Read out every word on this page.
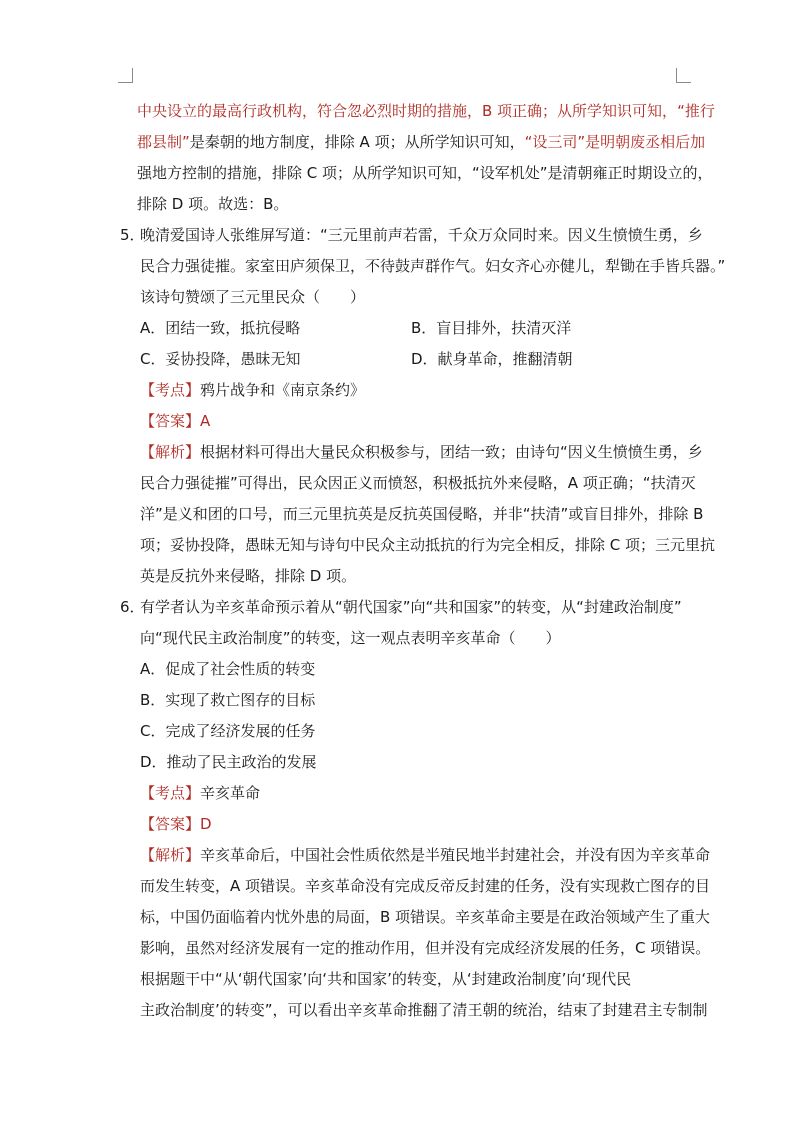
中央设立的最高行政机构，符合忽必烈时期的措施，B 项正确；从所学知识可知，“推行
郡县制”是秦朝的地方制度，排除 A 项；从所学知识可知，“设三司”是明朝废丞相后加
强地方控制的措施，排除 C 项；从所学知识可知，“设军机处”是清朝雍正时期设立的，
排除 D 项。故选：B。
5．晚清爱国诗人张维屏写道：“三元里前声若雷，千众万众同时来。因义生愤愤生勇，乡
民合力强徒摧。家室田庐须保卫，不待鼓声群作气。妇女齐心亦健儿，犁锄在手皆兵器。”
该诗句赞颂了三元里民众（　　）
A．团结一致，抵抗侵略	B．盲目排外，扶清灭洋
C．妥协投降，愚昧无知	D．献身革命，推翻清朝
【考点】鸦片战争和《南京条约》
【答案】A
【解析】根据材料可得出大量民众积极参与，团结一致；由诗句“因义生愤愤生勇，乡
民合力强徒摧”可得出，民众因正义而愤怒，积极抵抗外来侵略，A 项正确；“扶清灭
洋”是义和团的口号，而三元里抗英是反抗英国侵略，并非“扶清”或盲目排外，排除 B
项；妥协投降，愚昧无知与诗句中民众主动抵抗的行为完全相反，排除 C 项；三元里抗
英是反抗外来侵略，排除 D 项。
6．有学者认为辛亥革命预示着从“朝代国家”向“共和国家”的转变，从“封建政治制度”
向“现代民主政治制度”的转变，这一观点表明辛亥革命（　　）
A．促成了社会性质的转变
B．实现了救亡图存的目标
C．完成了经济发展的任务
D．推动了民主政治的发展
【考点】辛亥革命
【答案】D
【解析】辛亥革命后，中国社会性质依然是半殖民地半封建社会，并没有因为辛亥革命
而发生转变，A 项错误。辛亥革命没有完成反帝反封建的任务，没有实现救亡图存的目
标，中国仍面临着内忧外患的局面，B 项错误。辛亥革命主要是在政治领域产生了重大
影响，虽然对经济发展有一定的推动作用，但并没有完成经济发展的任务，C 项错误。
根据题干中“从‘朝代国家’向‘共和国家’的转变，从‘封建政治制度’向‘现代民
主政治制度’的转变”，可以看出辛亥革命推翻了清王朝的统治，结束了封建君主专制制
